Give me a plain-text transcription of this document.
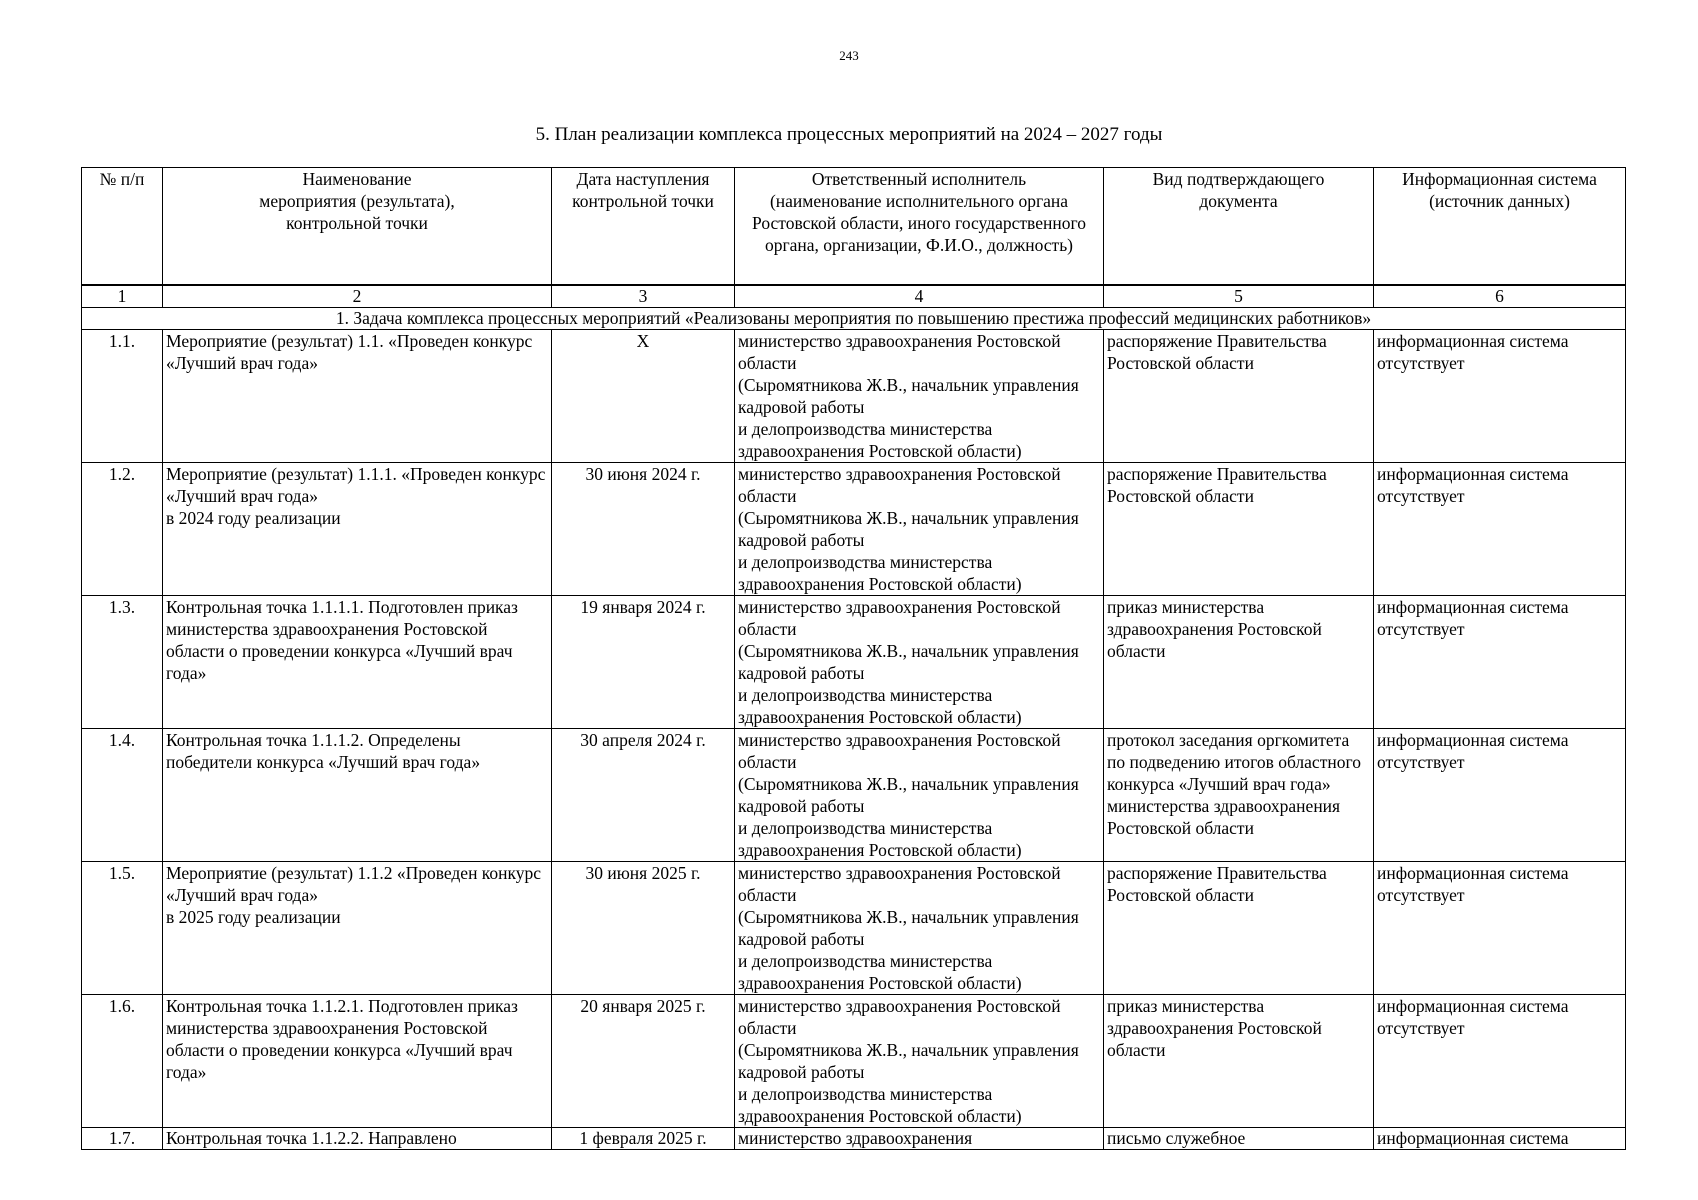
243
5. План реализации комплекса процессных мероприятий на 2024 – 2027 годы
№ п/п	Наименование
мероприятия (результата),
контрольной точки	Дата наступления
контрольной точки	Ответственный исполнитель
(наименование исполнительного органа Ростовской области, иного государственного органа, организации, Ф.И.О., должность)	Вид подтверждающего
документа	Информационная система
(источник данных)
1	2	3	4	5	6
1. Задача комплекса процессных мероприятий «Реализованы мероприятия по повышению престижа профессий медицинских работников»					
1.1.	Мероприятие (результат) 1.1. «Проведен конкурс «Лучший врач года»	X	министерство здравоохранения Ростовской области
(Сыромятникова Ж.В., начальник управления кадровой работы
и делопроизводства министерства здравоохранения Ростовской области)	распоряжение Правительства Ростовской области	информационная система отсутствует
1.2.	Мероприятие (результат) 1.1.1. «Проведен конкурс «Лучший врач года»
в 2024 году реализации	30 июня 2024 г.	министерство здравоохранения Ростовской области
(Сыромятникова Ж.В., начальник управления кадровой работы
и делопроизводства министерства здравоохранения Ростовской области)	распоряжение Правительства Ростовской области	информационная система отсутствует
1.3.	Контрольная точка 1.1.1.1. Подготовлен приказ министерства здравоохранения Ростовской области о проведении конкурса «Лучший врач года»	19 января 2024 г.	министерство здравоохранения Ростовской области
(Сыромятникова Ж.В., начальник управления кадровой работы
и делопроизводства министерства здравоохранения Ростовской области)	приказ министерства здравоохранения Ростовской области	информационная система отсутствует
1.4.	Контрольная точка 1.1.1.2. Определены победители конкурса «Лучший врач года»	30 апреля 2024 г.	министерство здравоохранения Ростовской области
(Сыромятникова Ж.В., начальник управления кадровой работы
и делопроизводства министерства здравоохранения Ростовской области)	протокол заседания оргкомитета по подведению итогов областного конкурса «Лучший врач года» министерства здравоохранения Ростовской области	информационная система отсутствует
1.5.	Мероприятие (результат) 1.1.2 «Проведен конкурс «Лучший врач года»
в 2025 году реализации	30 июня 2025 г.	министерство здравоохранения Ростовской области
(Сыромятникова Ж.В., начальник управления кадровой работы
и делопроизводства министерства здравоохранения Ростовской области)	распоряжение Правительства Ростовской области	информационная система отсутствует
1.6.	Контрольная точка 1.1.2.1. Подготовлен приказ министерства здравоохранения Ростовской области о проведении конкурса «Лучший врач года»	20 января 2025 г.	министерство здравоохранения Ростовской области
(Сыромятникова Ж.В., начальник управления кадровой работы
и делопроизводства министерства здравоохранения Ростовской области)	приказ министерства здравоохранения Ростовской области	информационная система отсутствует
1.7.	Контрольная точка 1.1.2.2. Направлено	1 февраля 2025 г.	министерство здравоохранения	письмо служебное	информационная система
